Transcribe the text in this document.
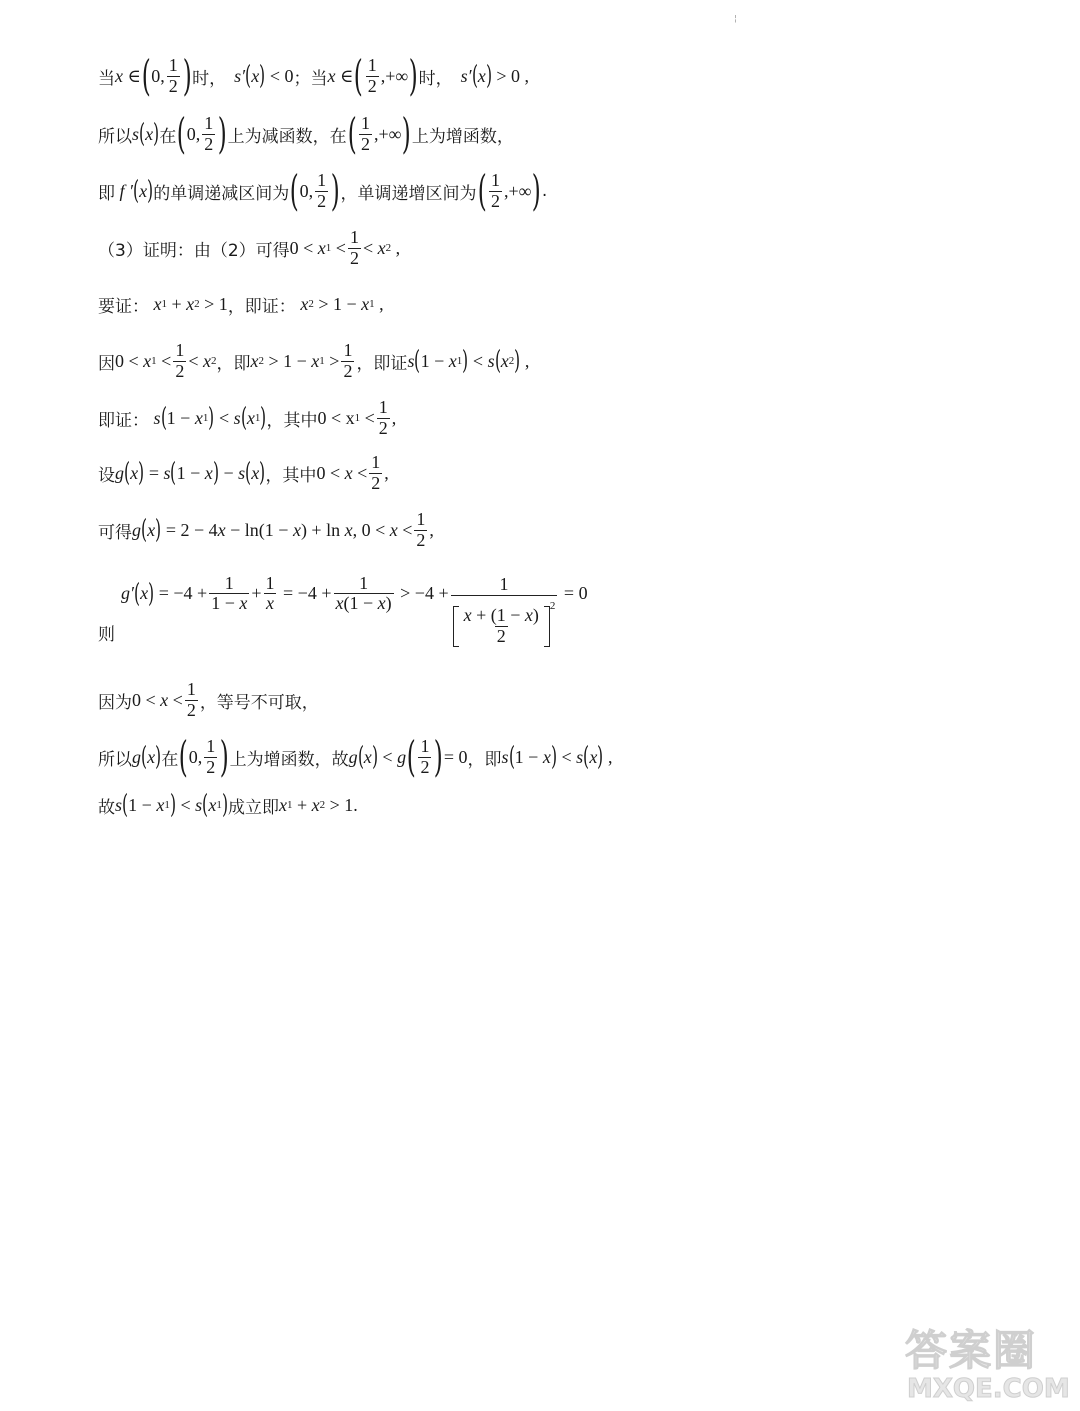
¦
当 x ∈ ( 0, $\frac{1}{2}$ ) 时， s′ ( x ) < 0 ；当 x ∈ ( $\frac{1}{2}$ ,+∞ ) 时， s′ ( x ) > 0 ,
所以 s ( x ) 在 ( 0, $\frac{1}{2}$ ) 上为减函数，在 ( $\frac{1}{2}$ ,+∞ ) 上为增函数，
即 f ′ ( x ) 的单调递减区间为 ( 0, $\frac{1}{2}$ ) ，单调递增区间为 ( $\frac{1}{2}$ ,+∞ ) .
（3）证明：由（2）可得 0 < x $1 < \frac{1}{2} < x$ 2 ,
要证： x 1 + x 2 > 1 ，即证： x 2 > 1 − x 1 ,
因 0 < x $1 < \frac{1}{2} < x$ 2 ，即 x 2 > 1 − x $1 > \frac{1}{2}$ ，即证 s ( 1 − x 1 ) < s ( x 2 ) ,
即证： s ( 1 − x 1 ) < s ( x 1 ) ，其中 0 < x $1 < \frac{1}{2}$ ,
设 g ( x ) = s ( 1 − x ) − s ( x ) ，其中 $0 < x < \frac{1}{2}$ ,
可得 g ( x ) = 2 − 4 x − ln(1 − x ) + ln x , $0 < x < \frac{1}{2}$ ,
则
g′ ( x ) = $-4 + \frac{1}{1 - x} + \frac{1}{x} = -4 + \frac{1}{x(1 - x)} > -4 + \frac{1}{\frac{x + (1 - x)}{2} ^2} = 0$
因为 $0 < x < \frac{1}{2}$ ，等号不可取，
所以 g ( x ) 在 ( 0, $\frac{1}{2}$ ) 上为增函数，故 g ( x ) < g ( $\frac{1}{2}$ ) = 0 ，即 s ( 1 − x ) < s ( x ) ,
故 s ( 1 − x 1 ) < s ( x 1 ) 成立即 x 1 + x 2 > 1.
答案圈
MXQE.COM
